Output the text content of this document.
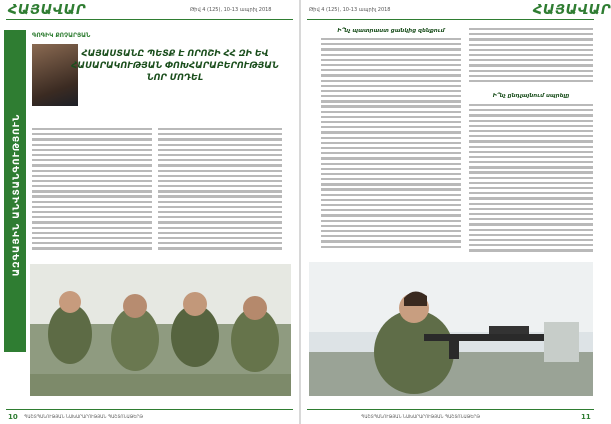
ՀԱՅԱՎԱՐ	Թիվ 4 (125), 10-13 ապրիլ 2018
ԱԶԳԱՅԻՆ ԱՆՎՏԱՆԳՈՒԹՅՈՒՆ
ԳՈԳԻԿ ՔՈՉԱՐՅԱՆ
ՀԱՅԱՍՏԱՆԸ ՊԵՏՔ Է ՈՐՈՇԻ ՀՀ ԶԻ ԵՎ ՀԱՍԱՐԱԿՈՒԹՅԱՆ ՓՈԽՀԱՐԱԲԵՐՈՒԹՅԱՆ ՆՈՐ ՄՈԴԵԼ
10 ՊԱՇՏՊԱՆՈՒԹՅԱՆ ՆԱԽԱՐԱՐՈՒԹՅԱՆ ՊԱՇՏՈՆԱԹԵՐԹ
Թիվ 4 (125), 10-13 ապրիլ 2018	ՀԱՅԱՎԱՐ
Ի՞նչ պատրաստ ցանկից զենքում
Ի՞նչ ընդլայնում սպրելը
ՊԱՇՏՊԱՆՈՒԹՅԱՆ ՆԱԽԱՐԱՐՈՒԹՅԱՆ ՊԱՇՏՈՆԱԹԵՐԹ	11
